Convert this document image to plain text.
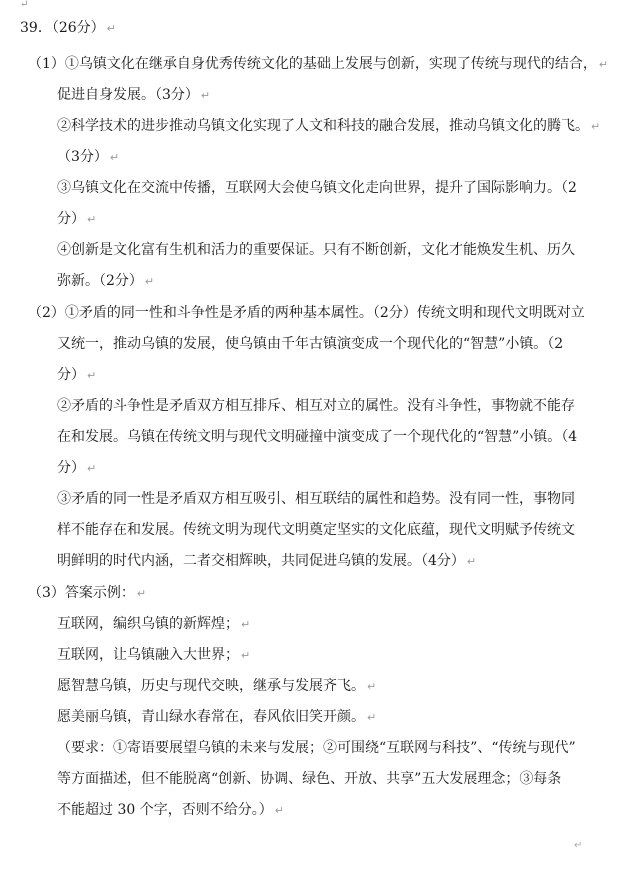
↵
39．（26分） ↵
（1）①乌镇文化在继承自身优秀传统文化的基础上发展与创新，实现了传统与现代的结合， ↵
促进自身发展。（3分） ↵
②科学技术的进步推动乌镇文化实现了人文和科技的融合发展，推动乌镇文化的腾飞。 ↵
（3分） ↵
③乌镇文化在交流中传播，互联网大会使乌镇文化走向世界，提升了国际影响力。（2
分） ↵
④创新是文化富有生机和活力的重要保证。只有不断创新，文化才能焕发生机、历久
弥新。（2分） ↵
（2）①矛盾的同一性和斗争性是矛盾的两种基本属性。（2分）传统文明和现代文明既对立
又统一，推动乌镇的发展，使乌镇由千年古镇演变成一个现代化的“智慧”小镇。（2
分） ↵
②矛盾的斗争性是矛盾双方相互排斥、相互对立的属性。没有斗争性，事物就不能存
在和发展。乌镇在传统文明与现代文明碰撞中演变成了一个现代化的“智慧”小镇。（4
分） ↵
③矛盾的同一性是矛盾双方相互吸引、相互联结的属性和趋势。没有同一性，事物同
样不能存在和发展。传统文明为现代文明奠定坚实的文化底蕴，现代文明赋予传统文
明鲜明的时代内涵，二者交相辉映，共同促进乌镇的发展。（4分） ↵
（3）答案示例： ↵
互联网，编织乌镇的新辉煌； ↵
互联网，让乌镇融入大世界； ↵
愿智慧乌镇，历史与现代交映，继承与发展齐飞。 ↵
愿美丽乌镇，青山绿水春常在，春风依旧笑开颜。 ↵
（要求：①寄语要展望乌镇的未来与发展；②可围绕“互联网与科技”、“传统与现代”
等方面描述，但不能脱离“创新、协调、绿色、开放、共享”五大发展理念；③每条
不能超过 30 个字，否则不给分。） ↵
↵
